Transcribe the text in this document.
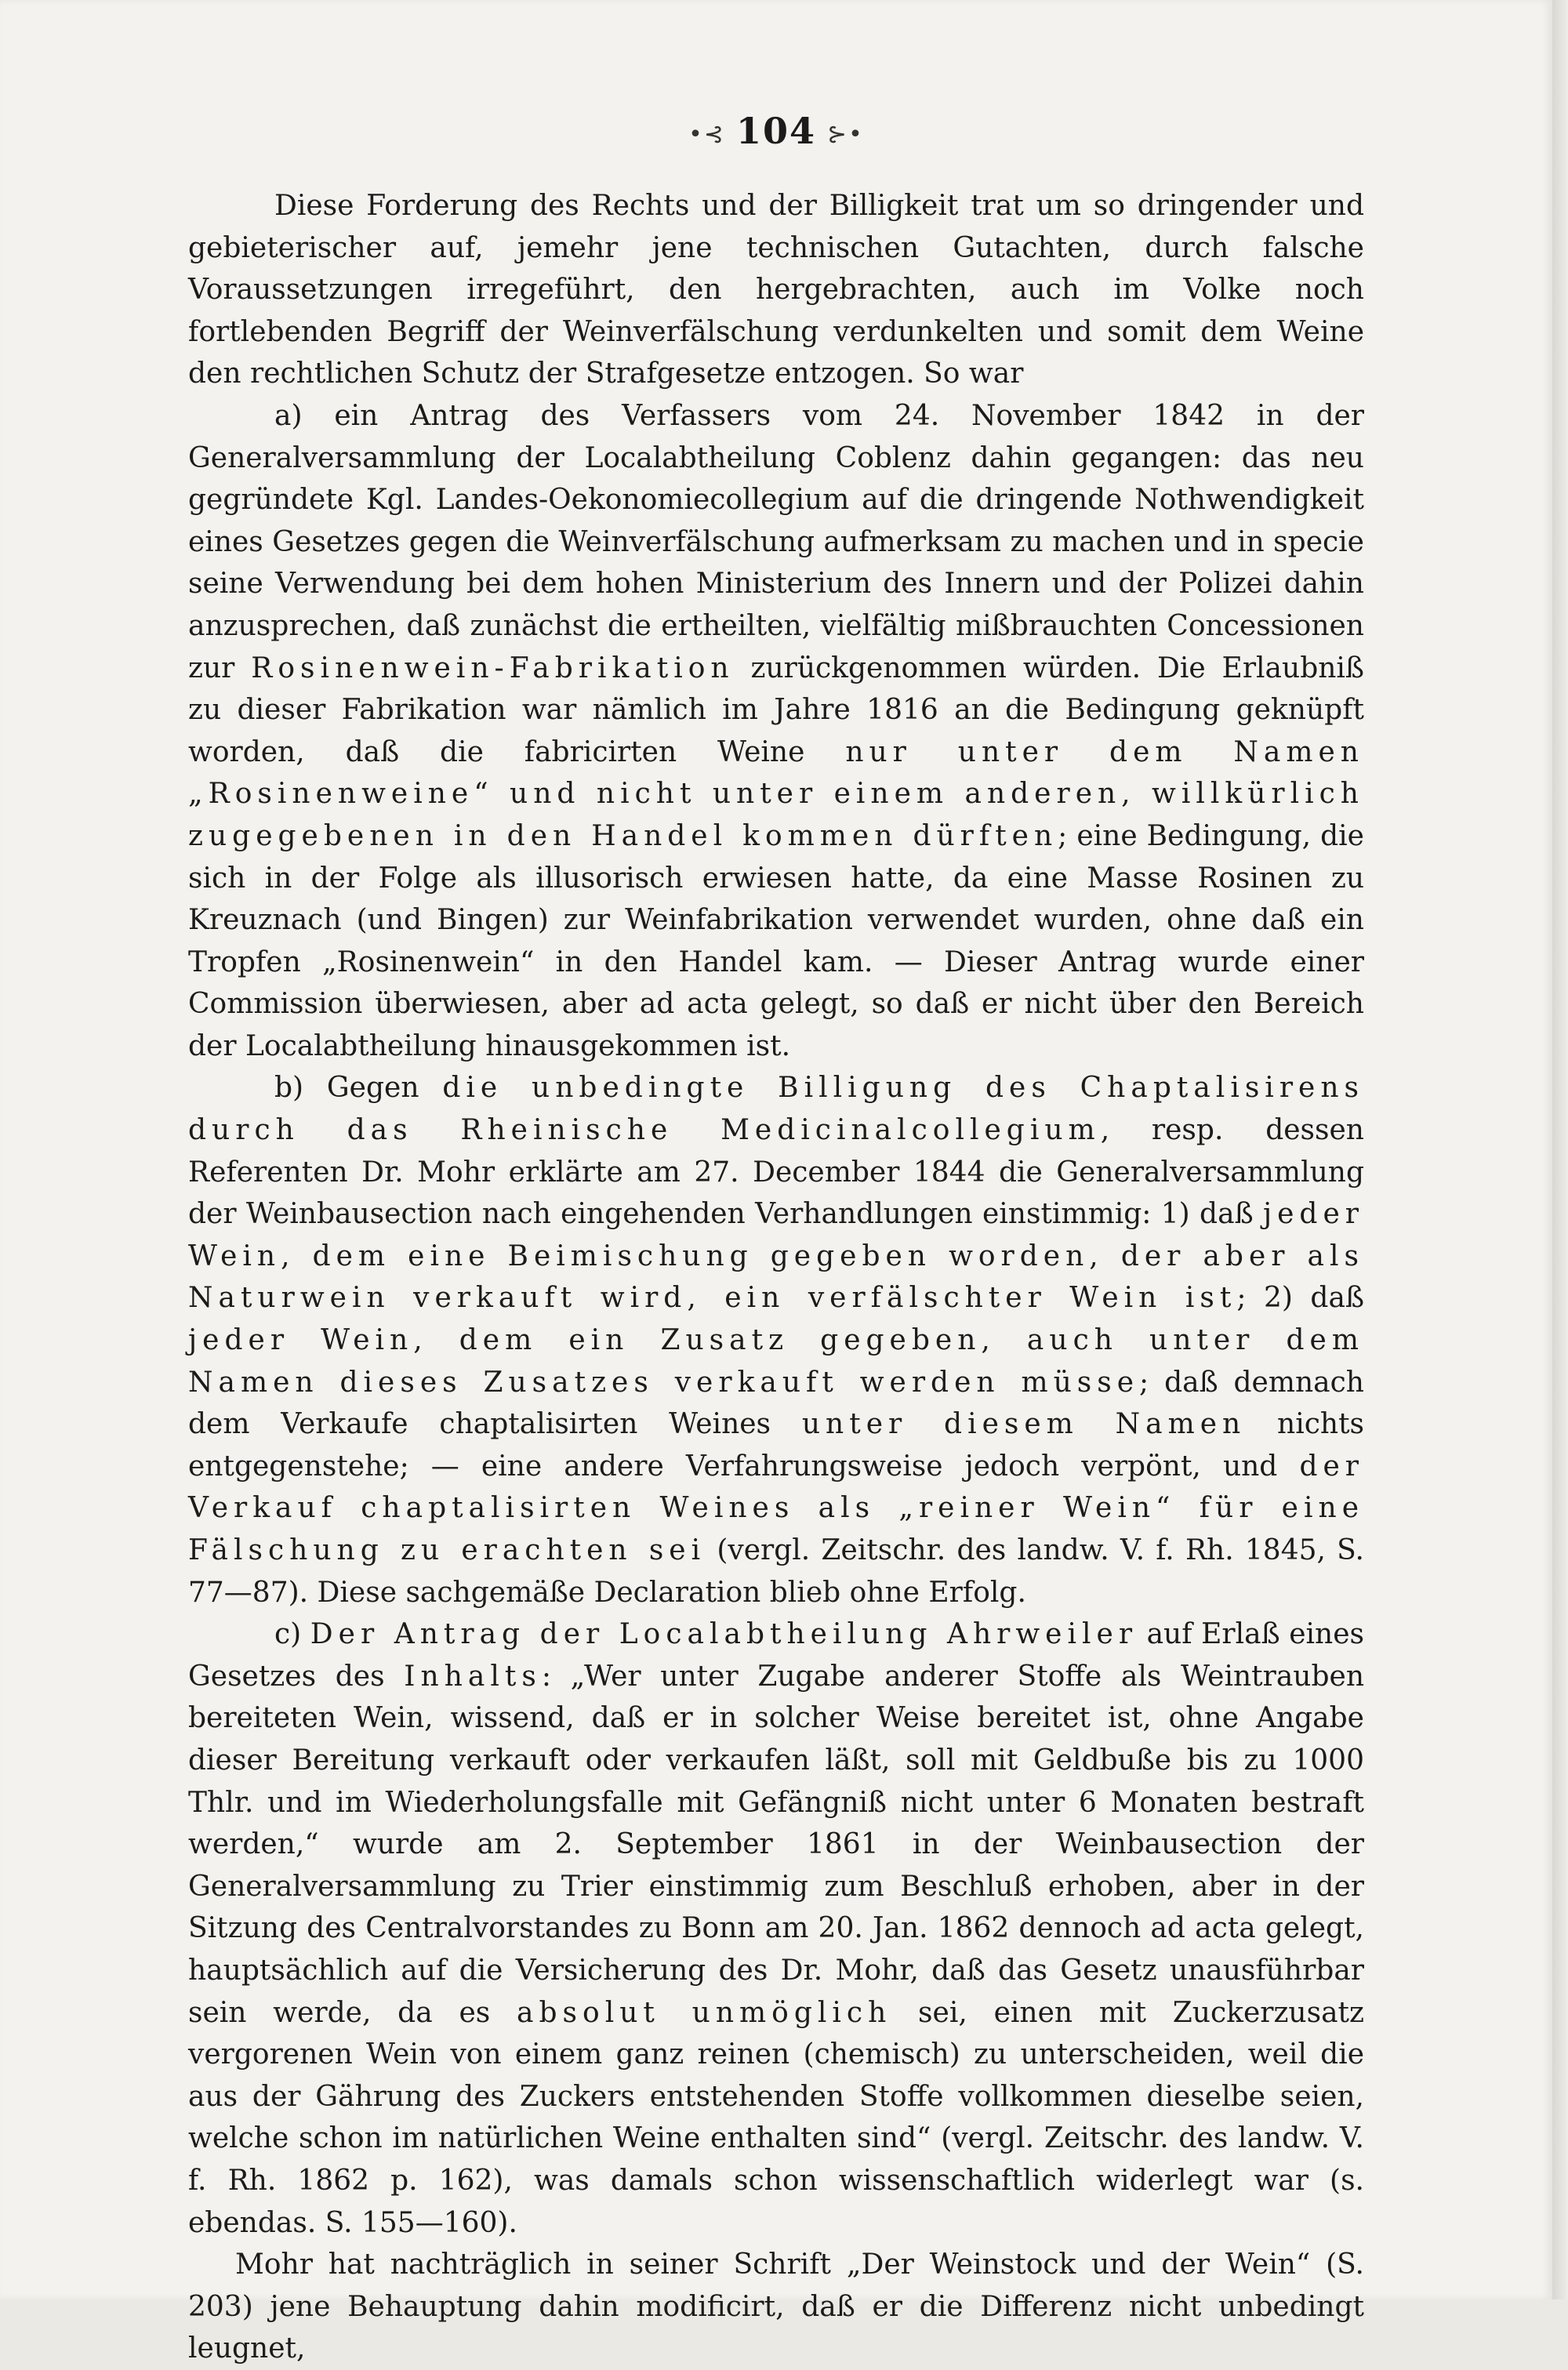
•⊰ 104 ⊱•

Diese Forderung des Rechts und der Billigkeit trat um so dringender und gebieterischer auf, jemehr jene technischen Gutachten, durch falsche Voraussetzungen irregeführt, den hergebrachten, auch im Volke noch fortlebenden Begriff der Weinverfälschung verdunkelten und somit dem Weine den rechtlichen Schutz der Strafgesetze entzogen. So war

a) ein Antrag des Verfassers vom 24. November 1842 in der Generalversammlung der Localabtheilung Coblenz dahin gegangen: das neu gegründete Kgl. Landes-Oekonomiecollegium auf die dringende Nothwendigkeit eines Gesetzes gegen die Weinverfälschung aufmerksam zu machen und in specie seine Verwendung bei dem hohen Ministerium des Innern und der Polizei dahin anzusprechen, daß zunächst die ertheilten, vielfältig mißbrauchten Concessionen zur Rosinenwein-Fabrikation zurückgenommen würden. Die Erlaubniß zu dieser Fabrikation war nämlich im Jahre 1816 an die Bedingung geknüpft worden, daß die fabricirten Weine nur unter dem Namen „Rosinenweine“ und nicht unter einem anderen, willkürlich zugegebenen in den Handel kommen dürften; eine Bedingung, die sich in der Folge als illusorisch erwiesen hatte, da eine Masse Rosinen zu Kreuznach (und Bingen) zur Weinfabrikation verwendet wurden, ohne daß ein Tropfen „Rosinenwein“ in den Handel kam. — Dieser Antrag wurde einer Commission überwiesen, aber ad acta gelegt, so daß er nicht über den Bereich der Localabtheilung hinausgekommen ist.

b) Gegen die unbedingte Billigung des Chaptalisirens durch das Rheinische Medicinalcollegium, resp. dessen Referenten Dr. Mohr erklärte am 27. December 1844 die Generalversammlung der Weinbausection nach eingehenden Verhandlungen einstimmig: 1) daß jeder Wein, dem eine Beimischung gegeben worden, der aber als Naturwein verkauft wird, ein verfälschter Wein ist; 2) daß jeder Wein, dem ein Zusatz gegeben, auch unter dem Namen dieses Zusatzes verkauft werden müsse; daß demnach dem Verkaufe chaptalisirten Weines unter diesem Namen nichts entgegenstehe; — eine andere Verfahrungsweise jedoch verpönt, und der Verkauf chaptalisirten Weines als „reiner Wein“ für eine Fälschung zu erachten sei (vergl. Zeitschr. des landw. V. f. Rh. 1845, S. 77—87). Diese sachgemäße Declaration blieb ohne Erfolg.

c) Der Antrag der Localabtheilung Ahrweiler auf Erlaß eines Gesetzes des Inhalts: „Wer unter Zugabe anderer Stoffe als Weintrauben bereiteten Wein, wissend, daß er in solcher Weise bereitet ist, ohne Angabe dieser Bereitung verkauft oder verkaufen läßt, soll mit Geldbuße bis zu 1000 Thlr. und im Wiederholungsfalle mit Gefängniß nicht unter 6 Monaten bestraft werden,“ wurde am 2. September 1861 in der Weinbausection der Generalversammlung zu Trier einstimmig zum Beschluß erhoben, aber in der Sitzung des Centralvorstandes zu Bonn am 20. Jan. 1862 dennoch ad acta gelegt, hauptsächlich auf die Versicherung des Dr. Mohr, daß das Gesetz unausführbar sein werde, da es absolut unmöglich sei, einen mit Zuckerzusatz vergorenen Wein von einem ganz reinen (chemisch) zu unterscheiden, weil die aus der Gährung des Zuckers entstehenden Stoffe vollkommen dieselbe seien, welche schon im natürlichen Weine enthalten sind“ (vergl. Zeitschr. des landw. V. f. Rh. 1862 p. 162), was damals schon wissenschaftlich widerlegt war (s. ebendas. S. 155—160).

Mohr hat nachträglich in seiner Schrift „Der Weinstock und der Wein“ (S. 203) jene Behauptung dahin modificirt, daß er die Differenz nicht unbedingt leugnet,
